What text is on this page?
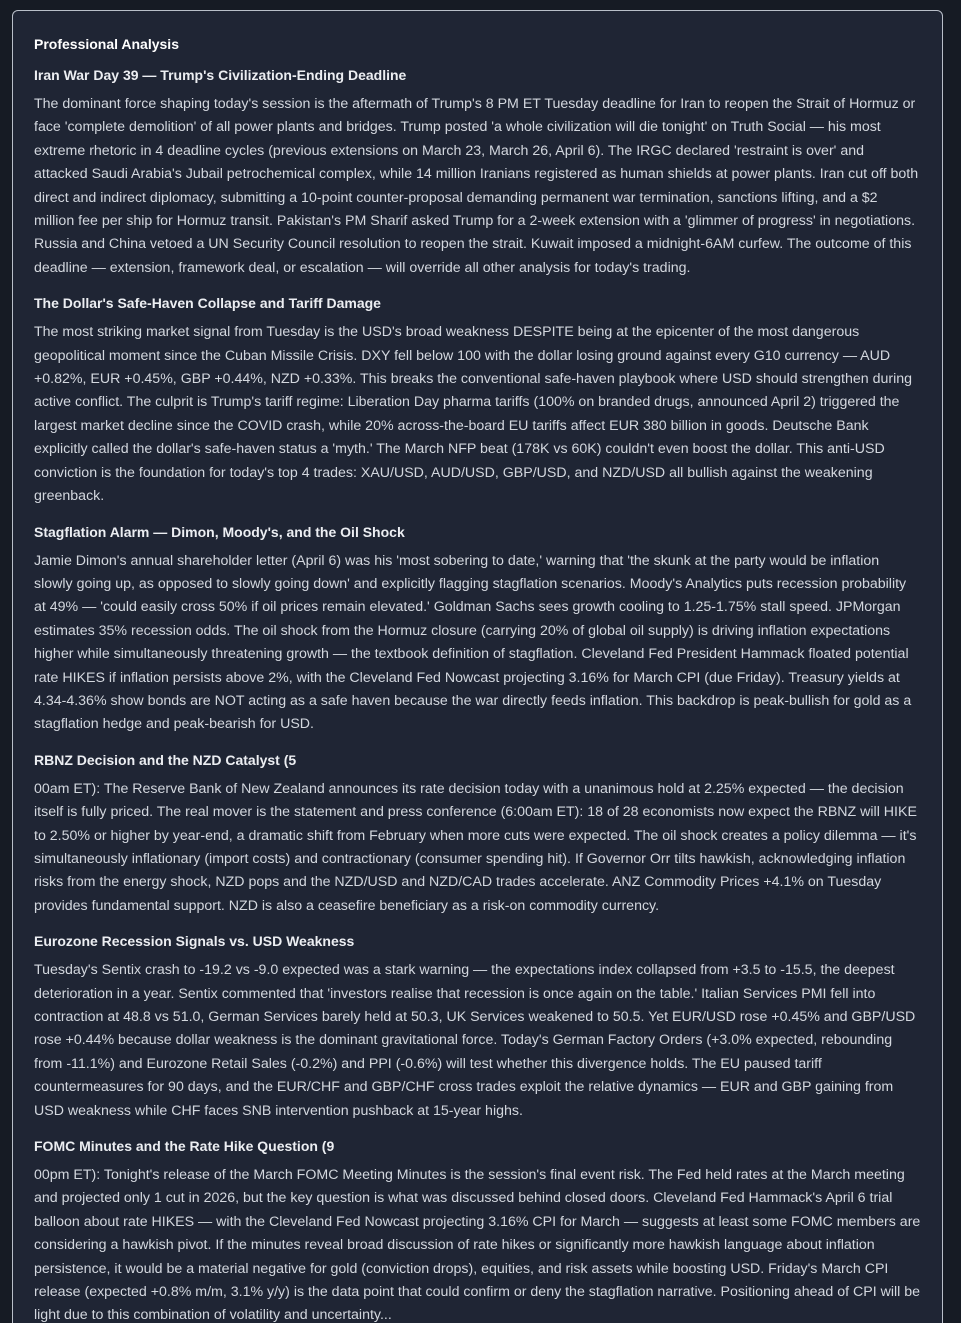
Professional Analysis
Iran War Day 39 — Trump's Civilization-Ending Deadline

The dominant force shaping today's session is the aftermath of Trump's 8 PM ET Tuesday deadline for Iran to reopen the Strait of Hormuz or face 'complete demolition' of all power plants and bridges. Trump posted 'a whole civilization will die tonight' on Truth Social — his most extreme rhetoric in 4 deadline cycles (previous extensions on March 23, March 26, April 6). The IRGC declared 'restraint is over' and attacked Saudi Arabia's Jubail petrochemical complex, while 14 million Iranians registered as human shields at power plants. Iran cut off both direct and indirect diplomacy, submitting a 10-point counter-proposal demanding permanent war termination, sanctions lifting, and a $2 million fee per ship for Hormuz transit. Pakistan's PM Sharif asked Trump for a 2-week extension with a 'glimmer of progress' in negotiations. Russia and China vetoed a UN Security Council resolution to reopen the strait. Kuwait imposed a midnight-6AM curfew. The outcome of this deadline — extension, framework deal, or escalation — will override all other analysis for today's trading.

The Dollar's Safe-Haven Collapse and Tariff Damage

The most striking market signal from Tuesday is the USD's broad weakness DESPITE being at the epicenter of the most dangerous geopolitical moment since the Cuban Missile Crisis. DXY fell below 100 with the dollar losing ground against every G10 currency — AUD +0.82%, EUR +0.45%, GBP +0.44%, NZD +0.33%. This breaks the conventional safe-haven playbook where USD should strengthen during active conflict. The culprit is Trump's tariff regime: Liberation Day pharma tariffs (100% on branded drugs, announced April 2) triggered the largest market decline since the COVID crash, while 20% across-the-board EU tariffs affect EUR 380 billion in goods. Deutsche Bank explicitly called the dollar's safe-haven status a 'myth.' The March NFP beat (178K vs 60K) couldn't even boost the dollar. This anti-USD conviction is the foundation for today's top 4 trades: XAU/USD, AUD/USD, GBP/USD, and NZD/USD all bullish against the weakening greenback.

Stagflation Alarm — Dimon, Moody's, and the Oil Shock

Jamie Dimon's annual shareholder letter (April 6) was his 'most sobering to date,' warning that 'the skunk at the party would be inflation slowly going up, as opposed to slowly going down' and explicitly flagging stagflation scenarios. Moody's Analytics puts recession probability at 49% — 'could easily cross 50% if oil prices remain elevated.' Goldman Sachs sees growth cooling to 1.25-1.75% stall speed. JPMorgan estimates 35% recession odds. The oil shock from the Hormuz closure (carrying 20% of global oil supply) is driving inflation expectations higher while simultaneously threatening growth — the textbook definition of stagflation. Cleveland Fed President Hammack floated potential rate HIKES if inflation persists above 2%, with the Cleveland Fed Nowcast projecting 3.16% for March CPI (due Friday). Treasury yields at 4.34-4.36% show bonds are NOT acting as a safe haven because the war directly feeds inflation. This backdrop is peak-bullish for gold as a stagflation hedge and peak-bearish for USD.

RBNZ Decision and the NZD Catalyst (5

00am ET): The Reserve Bank of New Zealand announces its rate decision today with a unanimous hold at 2.25% expected — the decision itself is fully priced. The real mover is the statement and press conference (6:00am ET): 18 of 28 economists now expect the RBNZ will HIKE to 2.50% or higher by year-end, a dramatic shift from February when more cuts were expected. The oil shock creates a policy dilemma — it's simultaneously inflationary (import costs) and contractionary (consumer spending hit). If Governor Orr tilts hawkish, acknowledging inflation risks from the energy shock, NZD pops and the NZD/USD and NZD/CAD trades accelerate. ANZ Commodity Prices +4.1% on Tuesday provides fundamental support. NZD is also a ceasefire beneficiary as a risk-on commodity currency.

Eurozone Recession Signals vs. USD Weakness

Tuesday's Sentix crash to -19.2 vs -9.0 expected was a stark warning — the expectations index collapsed from +3.5 to -15.5, the deepest deterioration in a year. Sentix commented that 'investors realise that recession is once again on the table.' Italian Services PMI fell into contraction at 48.8 vs 51.0, German Services barely held at 50.3, UK Services weakened to 50.5. Yet EUR/USD rose +0.45% and GBP/USD rose +0.44% because dollar weakness is the dominant gravitational force. Today's German Factory Orders (+3.0% expected, rebounding from -11.1%) and Eurozone Retail Sales (-0.2%) and PPI (-0.6%) will test whether this divergence holds. The EU paused tariff countermeasures for 90 days, and the EUR/CHF and GBP/CHF cross trades exploit the relative dynamics — EUR and GBP gaining from USD weakness while CHF faces SNB intervention pushback at 15-year highs.

FOMC Minutes and the Rate Hike Question (9

00pm ET): Tonight's release of the March FOMC Meeting Minutes is the session's final event risk. The Fed held rates at the March meeting and projected only 1 cut in 2026, but the key question is what was discussed behind closed doors. Cleveland Fed Hammack's April 6 trial balloon about rate HIKES — with the Cleveland Fed Nowcast projecting 3.16% CPI for March — suggests at least some FOMC members are considering a hawkish pivot. If the minutes reveal broad discussion of rate hikes or significantly more hawkish language about inflation persistence, it would be a material negative for gold (conviction drops), equities, and risk assets while boosting USD. Friday's March CPI release (expected +0.8% m/m, 3.1% y/y) is the data point that could confirm or deny the stagflation narrative. Positioning ahead of CPI will be light due to this combination of volatility and uncertainty...
